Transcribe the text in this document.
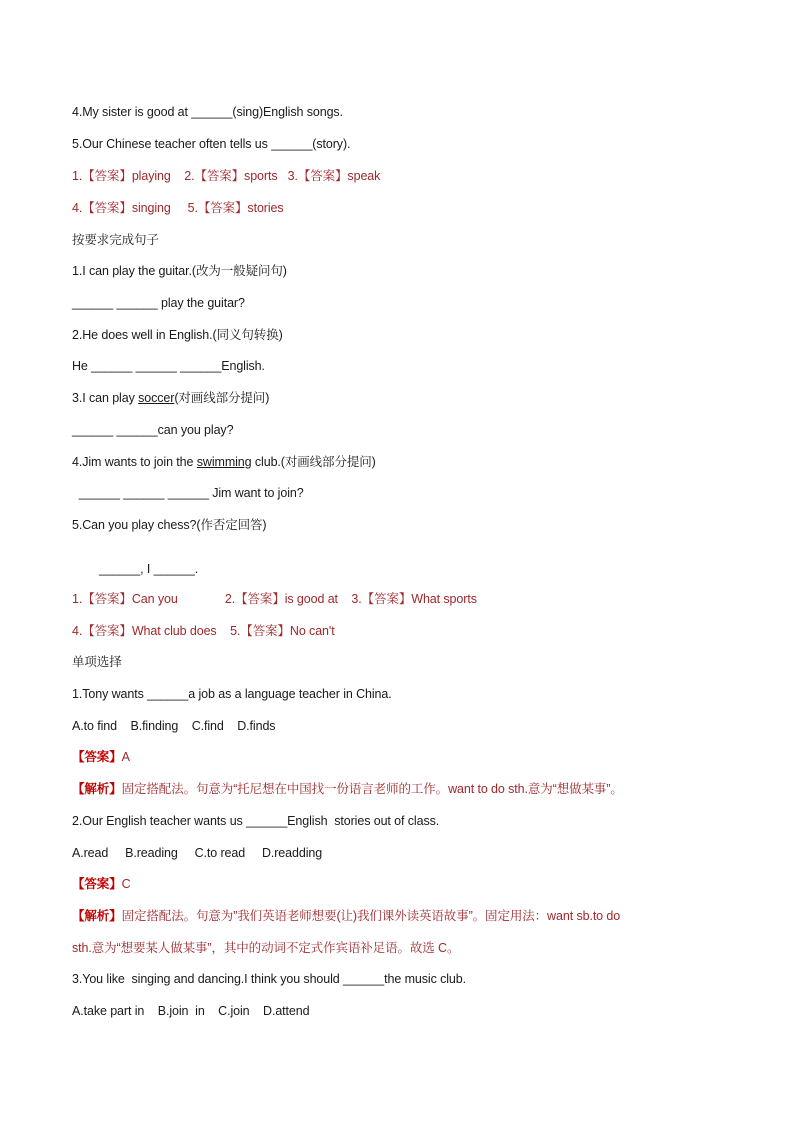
4.My sister is good at ______(sing)English songs.
5.Our Chinese teacher often tells us ______(story).
1.【答案】playing    2.【答案】sports   3.【答案】speak
4.【答案】singing     5.【答案】stories
按要求完成句子
1.I can play the guitar.(改为一般疑问句)
______ ______ play the guitar?
2.He does well in English.(同义句转换)
He ______ ______ ______English.
3.I can play soccer(对画线部分提问)
______ ______can you play?
4.Jim wants to join the swimming club.(对画线部分提问)
______ ______ ______ Jim want to join?
5.Can you play chess?(作否定回答)
______, I ______.
1.【答案】Can you              2.【答案】is good at    3.【答案】What sports
4.【答案】What club does    5.【答案】No can't
单项选择
1.Tony wants ______a job as a language teacher in China.
A.to find    B.finding    C.find    D.finds
【答案】A
【解析】固定搭配法。句意为“托尼想在中国找一份语言老师的工作。want to do sth.意为“想做某事”。
2.Our English teacher wants us ______English  stories out of class.
A.read     B.reading     C.to read     D.readding
【答案】C
【解析】固定搭配法。句意为”我们英语老师想要(让)我们课外读英语故事”。固定用法：want sb.to do
sth.意为“想要某人做某事”，其中的动词不定式作宾语补足语。故选 C。
3.You like  singing and dancing.I think you should ______the music club.
A.take part in    B.join  in    C.join    D.attend
